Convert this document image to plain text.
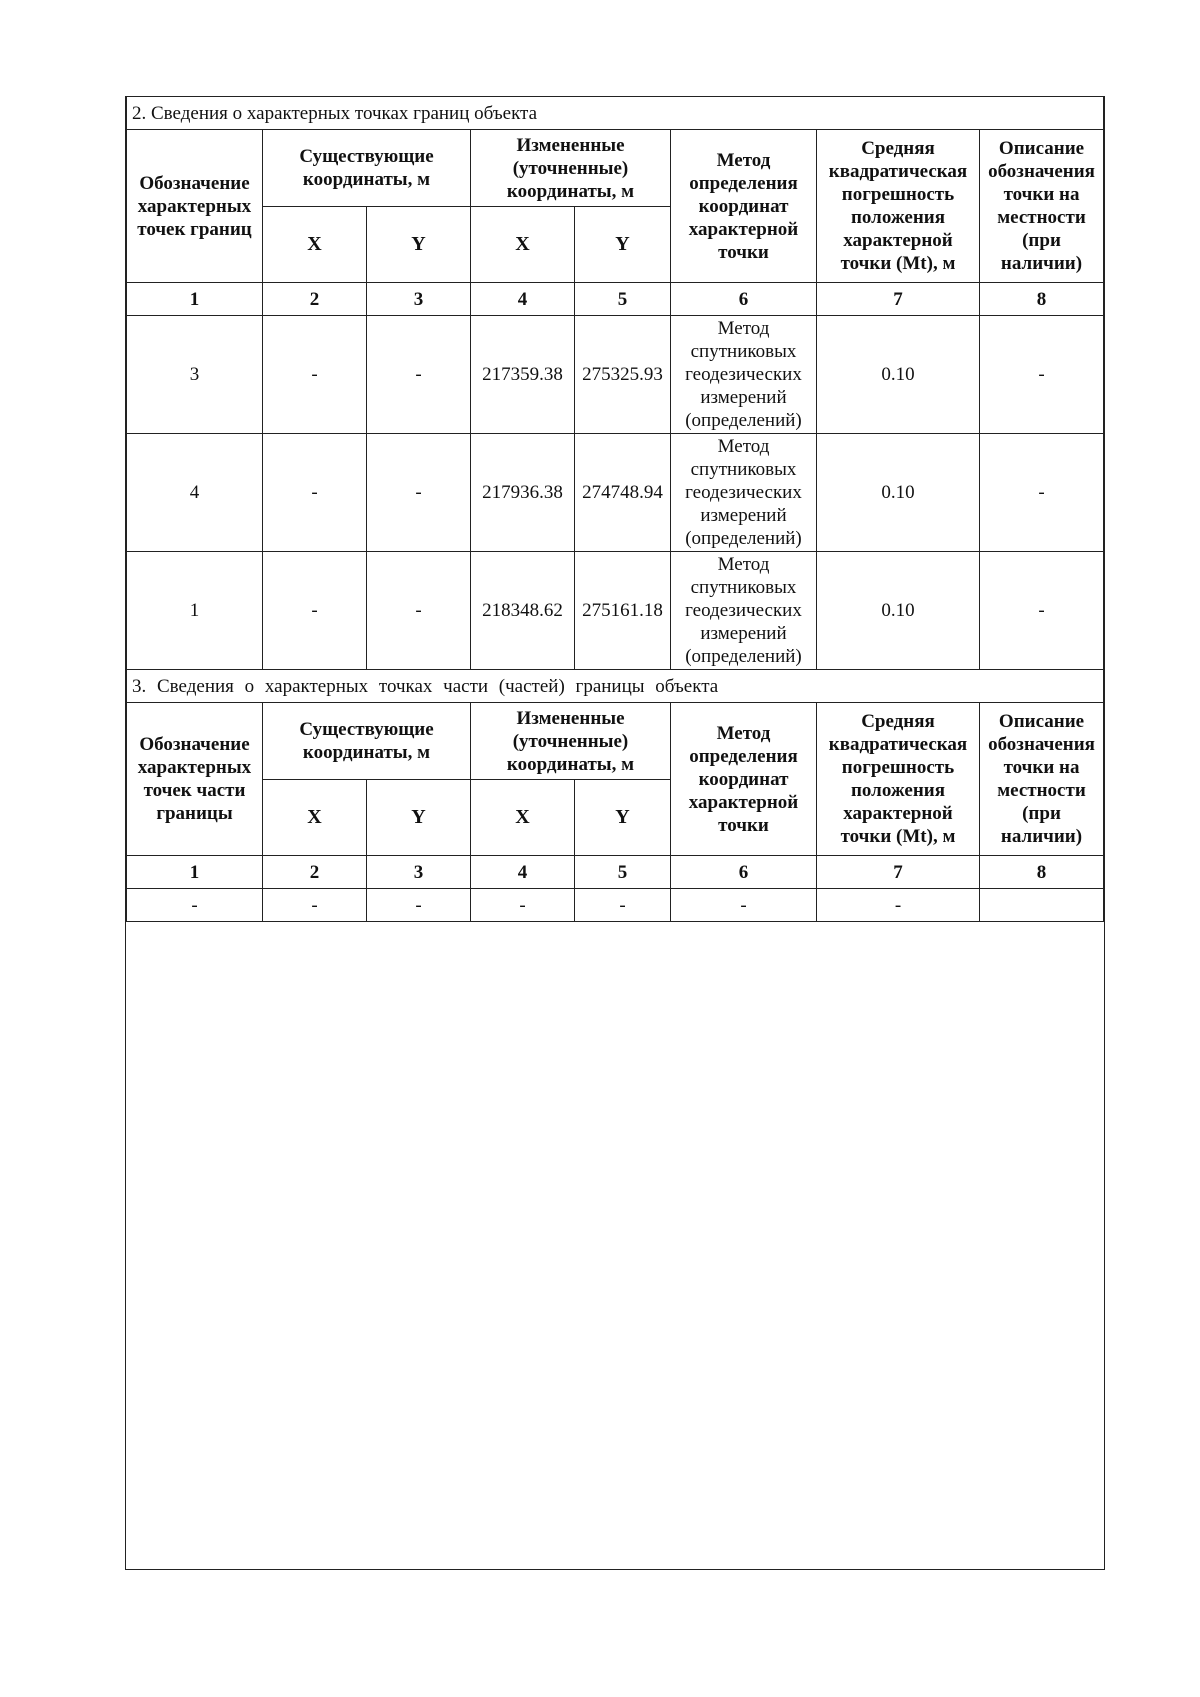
2. Сведения о характерных точках границ объекта							
Обозначение характерных точек границ	Существующие координаты, м		Измененные (уточненные) координаты, м		Метод определения координат характерной точки	Средняя квадратическая погрешность положения характерной точки (Mt), м	Описание обозначения точки на местности (при наличии)
	X	Y	X	Y			
1	2	3	4	5	6	7	8
3	-	-	217359.38	275325.93	Метод спутниковых геодезических измерений (определений)	0.10	-
4	-	-	217936.38	274748.94	Метод спутниковых геодезических измерений (определений)	0.10	-
1	-	-	218348.62	275161.18	Метод спутниковых геодезических измерений (определений)	0.10	-
3. Сведения о характерных точках части (частей) границы объекта							
Обозначение характерных точек части границы	Существующие координаты, м		Измененные (уточненные) координаты, м		Метод определения координат характерной точки	Средняя квадратическая погрешность положения характерной точки (Mt), м	Описание обозначения точки на местности (при наличии)
	X	Y	X	Y			
1	2	3	4	5	6	7	8
-	-	-	-	-	-	-	
